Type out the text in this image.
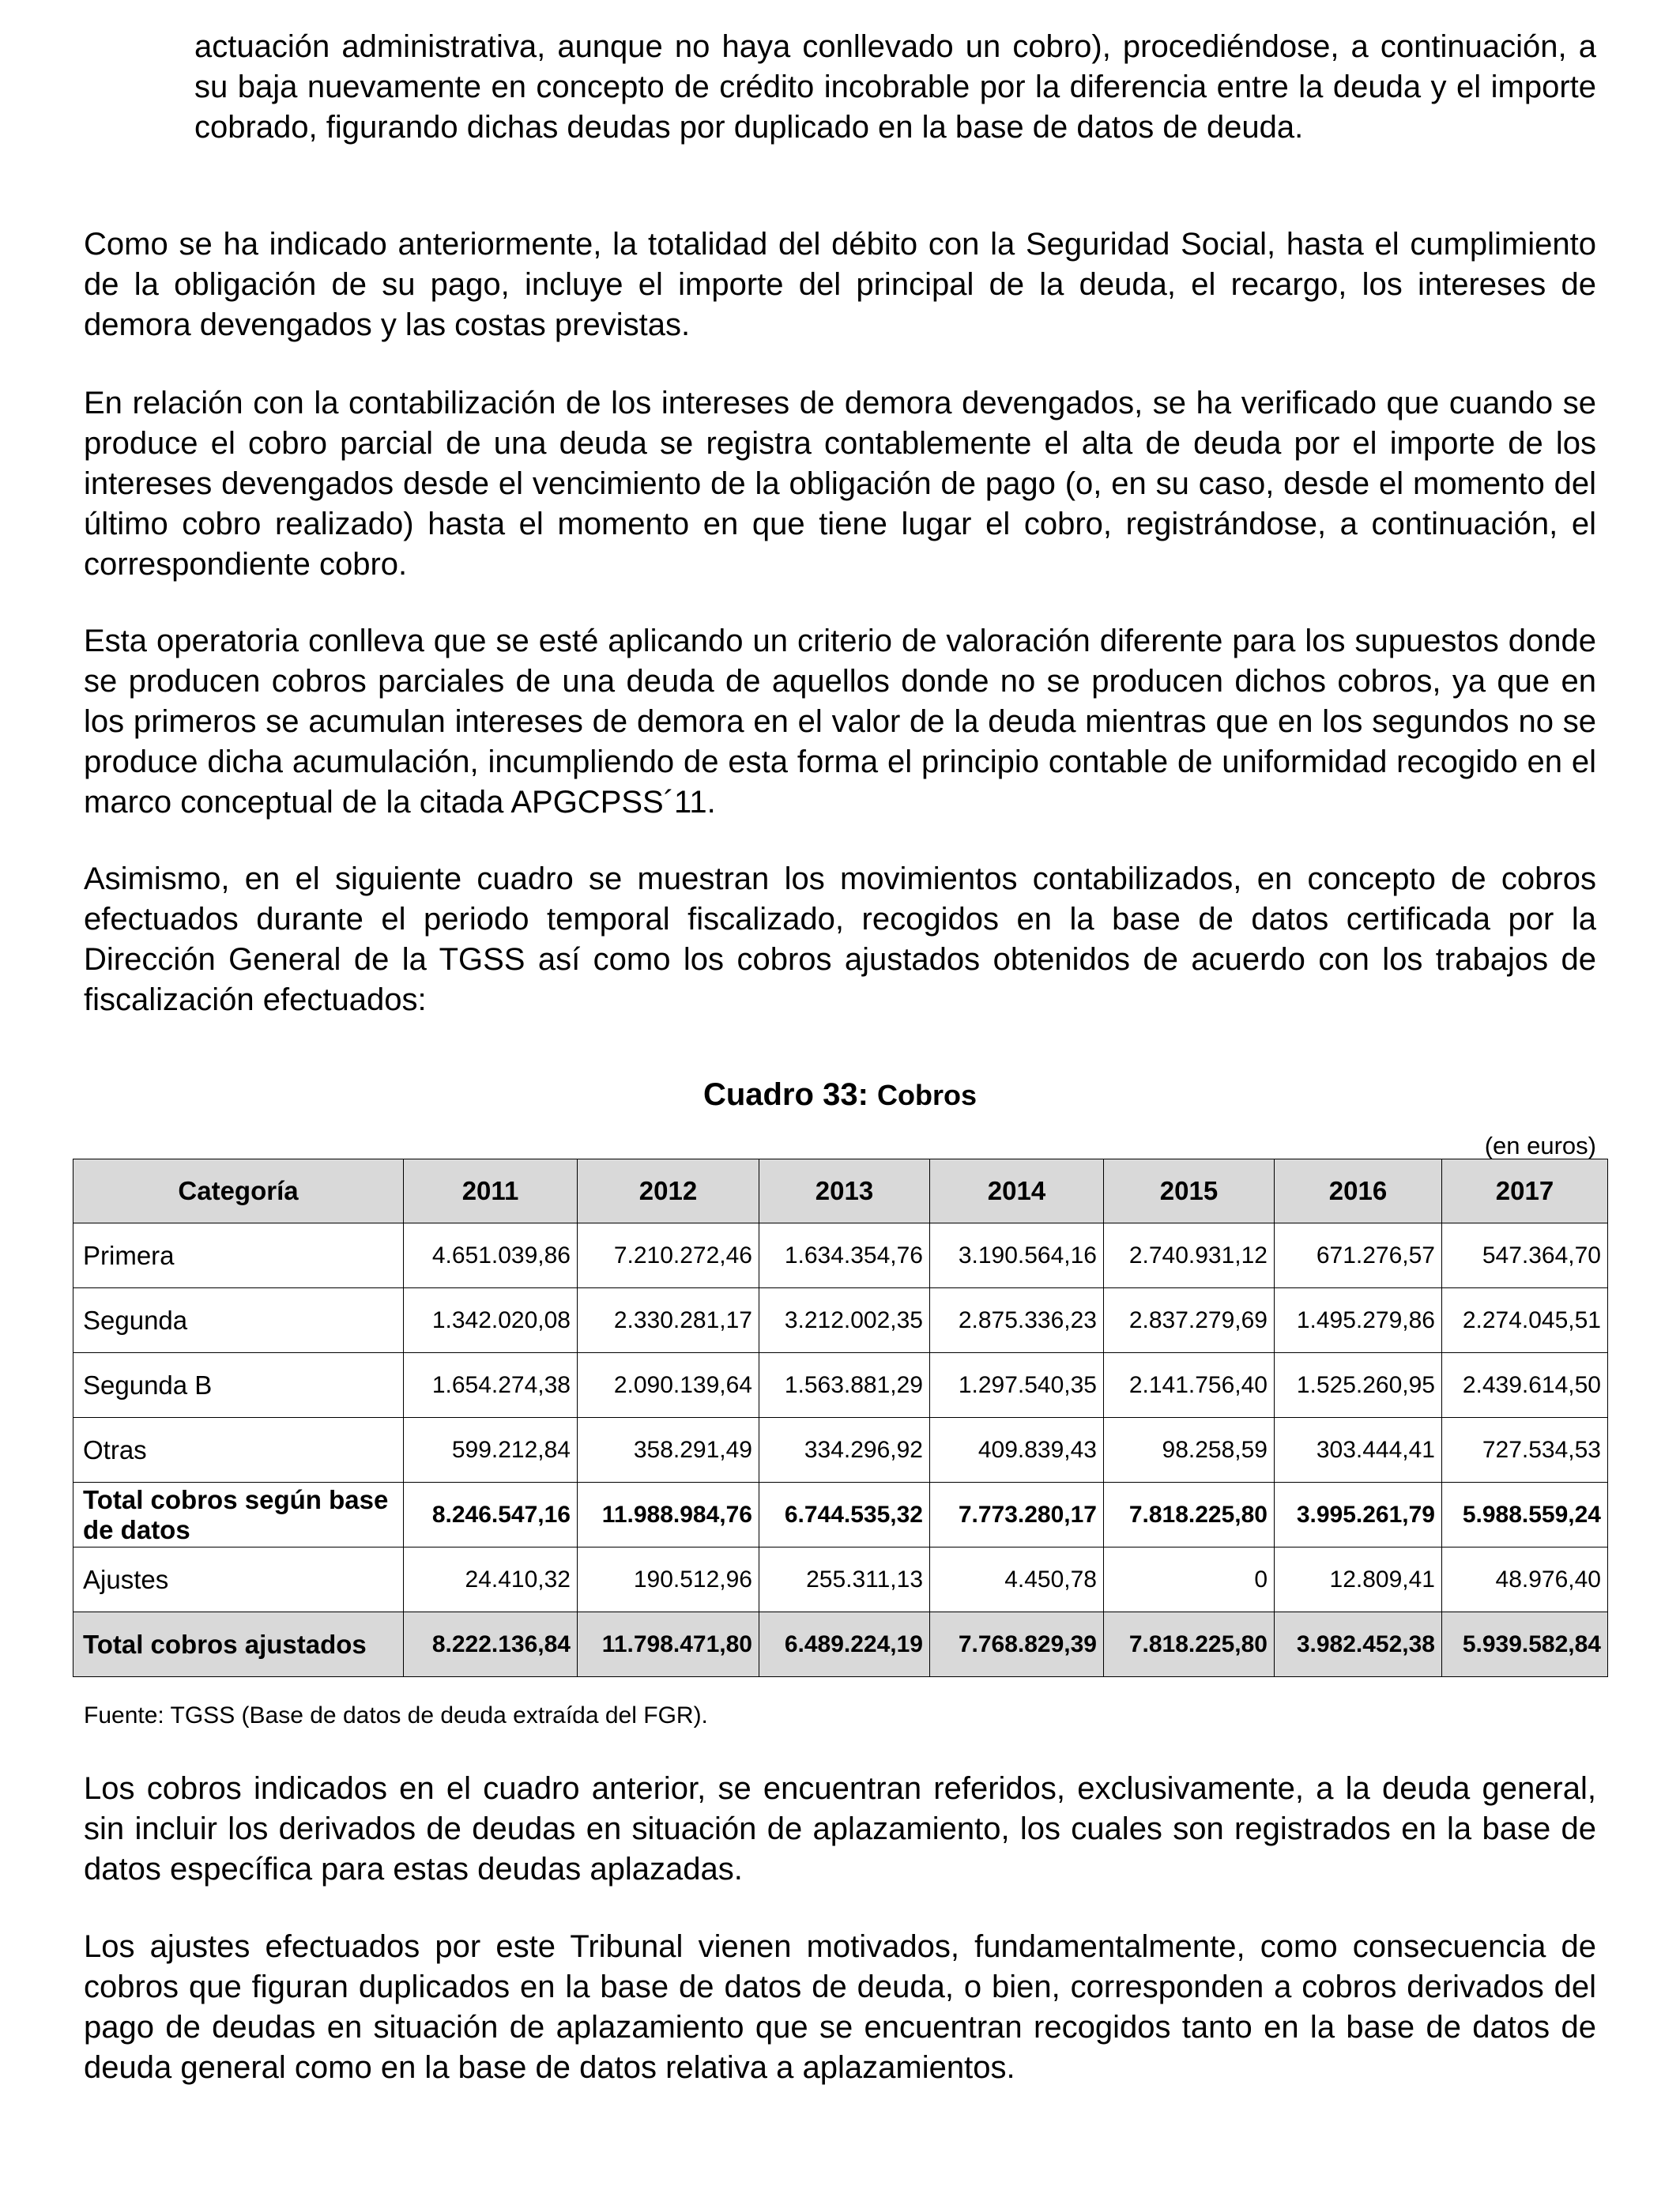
actuación administrativa, aunque no haya conllevado un cobro), procediéndose, a continuación, a su baja nuevamente en concepto de crédito incobrable por la diferencia entre la deuda y el importe cobrado, figurando dichas deudas por duplicado en la base de datos de deuda.

Como se ha indicado anteriormente, la totalidad del débito con la Seguridad Social, hasta el cumplimiento de la obligación de su pago, incluye el importe del principal de la deuda, el recargo, los intereses de demora devengados y las costas previstas.

En relación con la contabilización de los intereses de demora devengados, se ha verificado que cuando se produce el cobro parcial de una deuda se registra contablemente el alta de deuda por el importe de los intereses devengados desde el vencimiento de la obligación de pago (o, en su caso, desde el momento del último cobro realizado) hasta el momento en que tiene lugar el cobro, registrándose, a continuación, el correspondiente cobro.

Esta operatoria conlleva que se esté aplicando un criterio de valoración diferente para los supuestos donde se producen cobros parciales de una deuda de aquellos donde no se producen dichos cobros, ya que en los primeros se acumulan intereses de demora en el valor de la deuda mientras que en los segundos no se produce dicha acumulación, incumpliendo de esta forma el principio contable de uniformidad recogido en el marco conceptual de la citada APGCPSS´11.

Asimismo, en el siguiente cuadro se muestran los movimientos contabilizados, en concepto de cobros efectuados durante el periodo temporal fiscalizado, recogidos en la base de datos certificada por la Dirección General de la TGSS así como los cobros ajustados obtenidos de acuerdo con los trabajos de fiscalización efectuados:

Cuadro 33: Cobros
(en euros)
Categoría	2011	2012	2013	2014	2015	2016	2017
Primera	4.651.039,86	7.210.272,46	1.634.354,76	3.190.564,16	2.740.931,12	671.276,57	547.364,70
Segunda	1.342.020,08	2.330.281,17	3.212.002,35	2.875.336,23	2.837.279,69	1.495.279,86	2.274.045,51
Segunda B	1.654.274,38	2.090.139,64	1.563.881,29	1.297.540,35	2.141.756,40	1.525.260,95	2.439.614,50
Otras	599.212,84	358.291,49	334.296,92	409.839,43	98.258,59	303.444,41	727.534,53
Total cobros según base de datos	8.246.547,16	11.988.984,76	6.744.535,32	7.773.280,17	7.818.225,80	3.995.261,79	5.988.559,24
Ajustes	24.410,32	190.512,96	255.311,13	4.450,78	0	12.809,41	48.976,40
Total cobros ajustados	8.222.136,84	11.798.471,80	6.489.224,19	7.768.829,39	7.818.225,80	3.982.452,38	5.939.582,84
Fuente: TGSS (Base de datos de deuda extraída del FGR).

Los cobros indicados en el cuadro anterior, se encuentran referidos, exclusivamente, a la deuda general, sin incluir los derivados de deudas en situación de aplazamiento, los cuales son registrados en la base de datos específica para estas deudas aplazadas.

Los ajustes efectuados por este Tribunal vienen motivados, fundamentalmente, como consecuencia de cobros que figuran duplicados en la base de datos de deuda, o bien, corresponden a cobros derivados del pago de deudas en situación de aplazamiento que se encuentran recogidos tanto en la base de datos de deuda general como en la base de datos relativa a aplazamientos.
